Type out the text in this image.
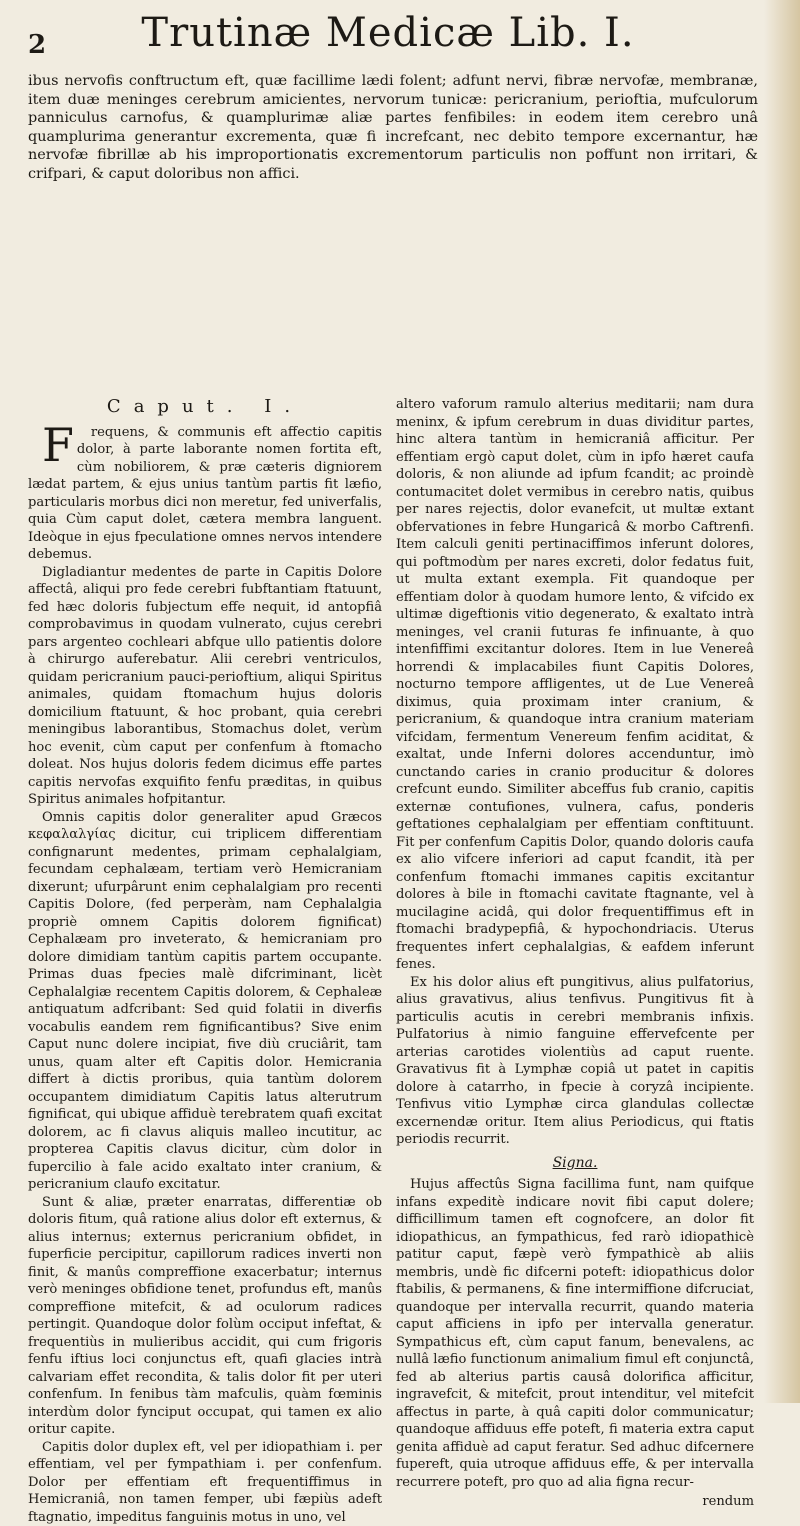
2	Trutinæ Medicæ Lib. I.

ibus nervofis conftructum eft, quæ facillime lædi folent; adfunt nervi, fibræ nervofæ, membranæ, item duæ meninges cerebrum amicientes, nervorum tunicæ: pericranium, perioftia, mufculorum panniculus carnofus, & quamplurimæ aliæ partes fenfibiles: in eodem item cerebro unâ quamplurima generantur excrementa, quæ fi increfcant, nec debito tempore excernantur, hæ nervofæ fibrillæ ab his improportionatis excrementorum particulis non poffunt non irritari, & crifpari, & caput doloribus non affici.

Caput. I.

Frequens, & communis eft affectio capitis dolor, à parte laborante nomen fortita eft, cùm nobiliorem, & præ cæteris digniorem lædat partem, & ejus unius tantùm partis fit læfio, particularis morbus dici non meretur, fed univerfalis, quia Cùm caput dolet, cætera membra languent. Ideòque in ejus fpeculatione omnes nervos intendere debemus.

Digladiantur medentes de parte in Capitis Dolore affectâ, aliqui pro fede cerebri fubftantiam ftatuunt, fed hæc doloris fubjectum effe nequit, id antopfiâ comprobavimus in quodam vulnerato, cujus cerebri pars argenteo cochleari abfque ullo patientis dolore à chirurgo auferebatur. Alii cerebri ventriculos, quidam pericranium pauci-perioftium, aliqui Spiritus animales, quidam ftomachum hujus doloris domicilium ftatuunt, & hoc probant, quia cerebri meningibus laborantibus, Stomachus dolet, verùm hoc evenit, cùm caput per confenfum à ftomacho doleat. Nos hujus doloris fedem dicimus effe partes capitis nervofas exquifito fenfu præditas, in quibus Spiritus animales hofpitantur.

Omnis capitis dolor generaliter apud Græcos κεφαλαλγίας dicitur, cui triplicem differentiam confignarunt medentes, primam cephalalgiam, fecundam cephalæam, tertiam verò Hemicraniam dixerunt; ufurpârunt enim cephalalgiam pro recenti Capitis Dolore, (fed perperàm, nam Cephalalgia propriè omnem Capitis dolorem fignificat) Cephalæam pro inveterato, & hemicraniam pro dolore dimidiam tantùm capitis partem occupante. Primas duas fpecies malè difcriminant, licèt Cephalalgiæ recentem Capitis dolorem, & Cephaleæ antiquatum adfcribant: Sed quid folatii in diverfis vocabulis eandem rem fignificantibus? Sive enim Caput nunc dolere incipiat, five diù cruciârit, tam unus, quam alter eft Capitis dolor. Hemicrania differt à dictis proribus, quia tantùm dolorem occupantem dimidiatum Capitis latus alterutrum fignificat, qui ubique affiduè terebratem quafi excitat dolorem, ac fi clavus aliquis malleo incutitur, ac propterea Capitis clavus dicitur, cùm dolor in fupercilio à fale acido exaltato inter cranium, & pericranium claufo excitatur.

Sunt & aliæ, præter enarratas, differentiæ ob doloris fitum, quâ ratione alius dolor eft externus, & alius internus; externus pericranium obfidet, in fuperficie percipitur, capillorum radices inverti non finit, & manûs compreffione exacerbatur; internus verò meninges obfidione tenet, profundus eft, manûs compreffione mitefcit, & ad oculorum radices pertingit. Quandoque dolor folùm occiput infeftat, & frequentiùs in mulieribus accidit, qui cum frigoris fenfu iftius loci conjunctus eft, quafi glacies intrà calvariam effet recondita, & talis dolor fit per uteri confenfum. In fenibus tàm mafculis, quàm fœminis interdùm dolor fynciput occupat, qui tamen ex alio oritur capite.

Capitis dolor duplex eft, vel per idiopathiam i. per effentiam, vel per fympathiam i. per confenfum. Dolor per effentiam eft frequentiffimus in Hemicraniâ, non tamen femper, ubi fæpiùs adeft ftagnatio, impeditus fanguinis motus in uno, vel

altero vaforum ramulo alterius meditarii; nam dura meninx, & ipfum cerebrum in duas dividitur partes, hinc altera tantùm in hemicraniâ afficitur. Per effentiam ergò caput dolet, cùm in ipfo hæret caufa doloris, & non aliunde ad ipfum fcandit; ac proindè contumacitet dolet vermibus in cerebro natis, quibus per nares rejectis, dolor evanefcit, ut multæ extant obfervationes in febre Hungaricâ & morbo Caftrenfi. Item calculi geniti pertinaciffimos inferunt dolores, qui poftmodùm per nares excreti, dolor fedatus fuit, ut multa extant exempla. Fit quandoque per effentiam dolor à quodam humore lento, & vifcido ex ultimæ digeftionis vitio degenerato, & exaltato intrà meninges, vel cranii futuras fe infinuante, à quo intenfiffimi excitantur dolores. Item in lue Venereâ horrendi & implacabiles fiunt Capitis Dolores, nocturno tempore affligentes, ut de Lue Venereâ diximus, quia proximam inter cranium, & pericranium, & quandoque intra cranium materiam vifcidam, fermentum Venereum fenfim aciditat, & exaltat, unde Inferni dolores accenduntur, imò cunctando caries in cranio producitur & dolores crefcunt eundo. Similiter abceffus fub cranio, capitis externæ contufiones, vulnera, cafus, ponderis geftationes cephalalgiam per effentiam conftituunt. Fit per confenfum Capitis Dolor, quando doloris caufa ex alio vifcere inferiori ad caput fcandit, ità per confenfum ftomachi immanes capitis excitantur dolores à bile in ftomachi cavitate ftagnante, vel à mucilagine acidâ, qui dolor frequentiffimus eft in ftomachi bradypepfiâ, & hypochondriacis. Uterus frequentes infert cephalalgias, & eafdem inferunt fenes.

Ex his dolor alius eft pungitivus, alius pulfatorius, alius gravativus, alius tenfivus. Pungitivus fit à particulis acutis in cerebri membranis infixis. Pulfatorius à nimio fanguine effervefcente per arterias carotides violentiùs ad caput ruente. Gravativus fit à Lymphæ copiâ ut patet in capitis dolore à catarrho, in fpecie à coryzâ incipiente. Tenfivus vitio Lymphæ circa glandulas collectæ excernendæ oritur. Item alius Periodicus, qui ftatis periodis recurrit.

Signa.

Hujus affectûs Signa facillima funt, nam quifque infans expeditè indicare novit fibi caput dolere; difficillimum tamen eft cognofcere, an dolor fit idiopathicus, an fympathicus, fed rarò idiopathicè patitur caput, fæpè verò fympathicè ab aliis membris, undè fic difcerni poteft: idiopathicus dolor ftabilis, & permanens, & fine intermiffione difcruciat, quandoque per intervalla recurrit, quando materia caput afficiens in ipfo per intervalla generatur. Sympathicus eft, cùm caput fanum, benevalens, ac nullâ læfio functionum animalium fimul eft conjunctâ, fed ab alterius partis causâ dolorifica afficitur, ingravefcit, & mitefcit, prout intenditur, vel mitefcit affectus in parte, à quâ capiti dolor communicatur; quandoque affiduus effe poteft, fi materia extra caput genita affiduè ad caput feratur. Sed adhuc difcernere fupereft, quia utroque affiduus effe, & per intervalla recurrere poteft, pro quo ad alia figna recur-

rendum
